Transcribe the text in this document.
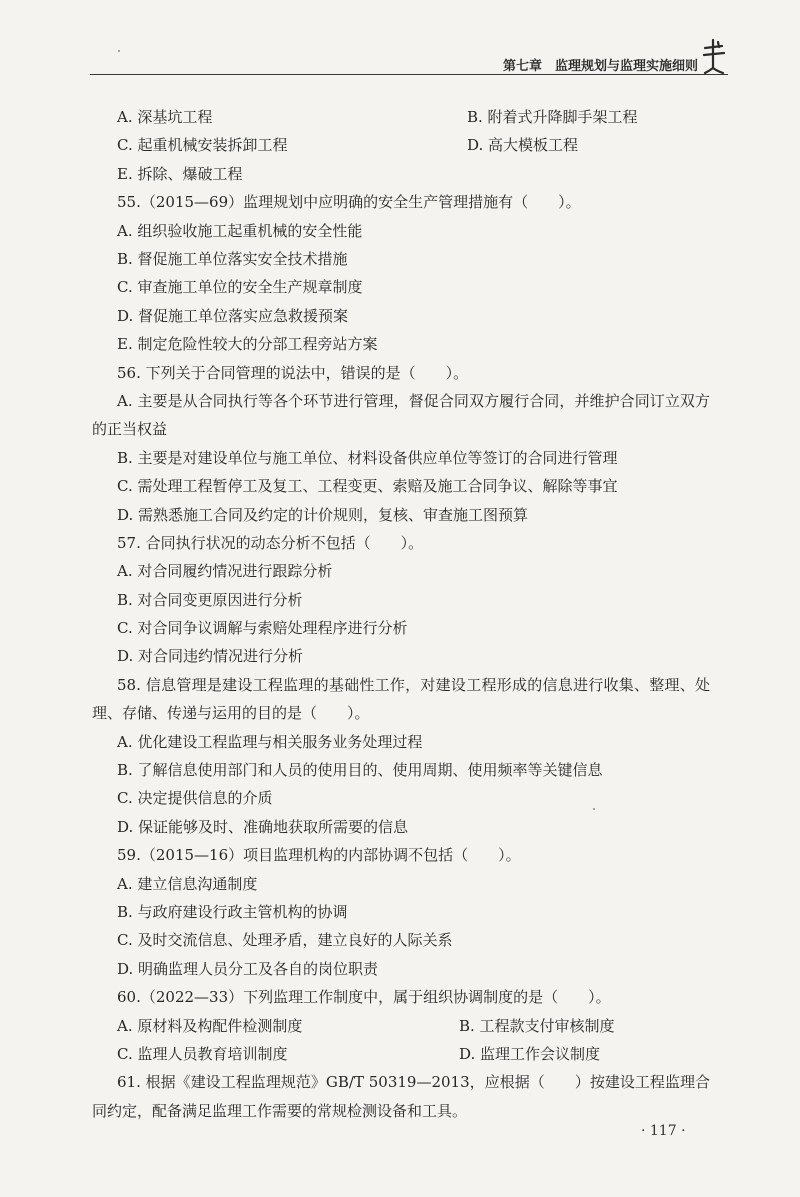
第七章　监理规划与监理实施细则
A. 深基坑工程	B. 附着式升降脚手架工程
C. 起重机械安装拆卸工程	D. 高大模板工程
E. 拆除、爆破工程
55.（2015—69）监理规划中应明确的安全生产管理措施有（　　）。
A. 组织验收施工起重机械的安全性能
B. 督促施工单位落实安全技术措施
C. 审查施工单位的安全生产规章制度
D. 督促施工单位落实应急救援预案
E. 制定危险性较大的分部工程旁站方案
56. 下列关于合同管理的说法中，错误的是（　　）。
A. 主要是从合同执行等各个环节进行管理，督促合同双方履行合同，并维护合同订立双方的正当权益
B. 主要是对建设单位与施工单位、材料设备供应单位等签订的合同进行管理
C. 需处理工程暂停工及复工、工程变更、索赔及施工合同争议、解除等事宜
D. 需熟悉施工合同及约定的计价规则，复核、审查施工图预算
57. 合同执行状况的动态分析不包括（　　）。
A. 对合同履约情况进行跟踪分析
B. 对合同变更原因进行分析
C. 对合同争议调解与索赔处理程序进行分析
D. 对合同违约情况进行分析
58. 信息管理是建设工程监理的基础性工作，对建设工程形成的信息进行收集、整理、处理、存储、传递与运用的目的是（　　）。
A. 优化建设工程监理与相关服务业务处理过程
B. 了解信息使用部门和人员的使用目的、使用周期、使用频率等关键信息
C. 决定提供信息的介质
D. 保证能够及时、准确地获取所需要的信息
59.（2015—16）项目监理机构的内部协调不包括（　　）。
A. 建立信息沟通制度
B. 与政府建设行政主管机构的协调
C. 及时交流信息、处理矛盾，建立良好的人际关系
D. 明确监理人员分工及各自的岗位职责
60.（2022—33）下列监理工作制度中，属于组织协调制度的是（　　）。
A. 原材料及构配件检测制度	B. 工程款支付审核制度
C. 监理人员教育培训制度	D. 监理工作会议制度
61. 根据《建设工程监理规范》GB/T 50319—2013，应根据（　　）按建设工程监理合同约定，配备满足监理工作需要的常规检测设备和工具。
· 117 ·
